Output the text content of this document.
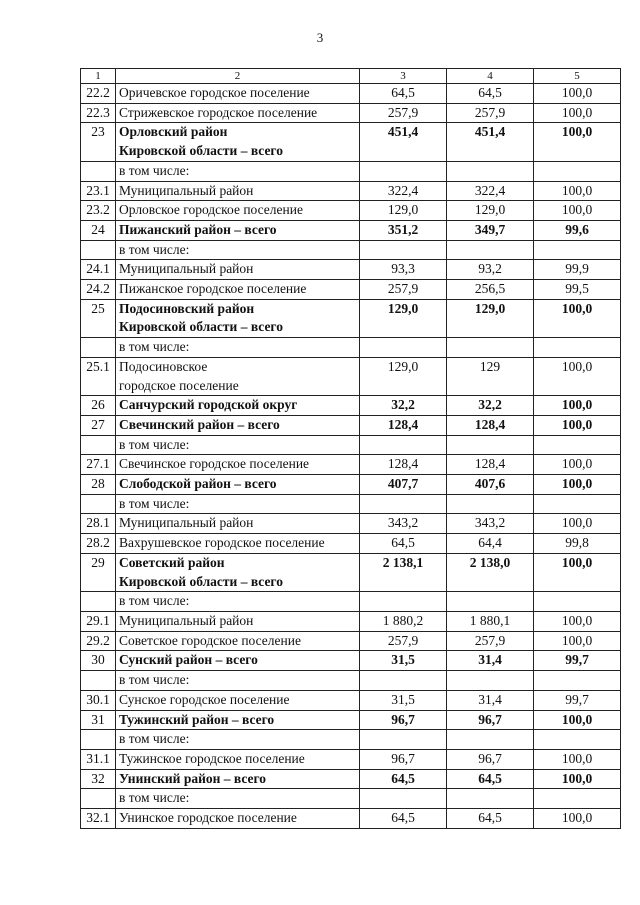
3
1	2	3	4	5
22.2	Оричевское городское поселение	64,5	64,5	100,0
22.3	Стрижевское городское поселение	257,9	257,9	100,0
23	Орловский район
Кировской области – всего	451,4	451,4	100,0

	в том числе:			

23.1	Муниципальный район	322,4	322,4	100,0
23.2	Орловское городское поселение	129,0	129,0	100,0
24	Пижанский район – всего	351,2	349,7	99,6

	в том числе:			

24.1	Муниципальный район	93,3	93,2	99,9
24.2	Пижанское городское поселение	257,9	256,5	99,5
25	Подосиновский район
Кировской области – всего	129,0	129,0	100,0

	в том числе:			

25.1	Подосиновское
городское поселение	129,0	129	100,0
26	Санчурский городской округ	32,2	32,2	100,0
27	Свечинский район – всего	128,4	128,4	100,0

	в том числе:			

27.1	Свечинское городское поселение	128,4	128,4	100,0
28	Слободской район – всего	407,7	407,6	100,0

	в том числе:			

28.1	Муниципальный район	343,2	343,2	100,0
28.2	Вахрушевское городское поселение	64,5	64,4	99,8
29	Советский район
Кировской области – всего	2 138,1	2 138,0	100,0

	в том числе:			

29.1	Муниципальный район	1 880,2	1 880,1	100,0
29.2	Советское городское поселение	257,9	257,9	100,0
30	Сунский район – всего	31,5	31,4	99,7

	в том числе:			

30.1	Сунское городское поселение	31,5	31,4	99,7
31	Тужинский район – всего	96,7	96,7	100,0

	в том числе:			

31.1	Тужинское городское поселение	96,7	96,7	100,0
32	Унинский район – всего	64,5	64,5	100,0

	в том числе:			

32.1	Унинское городское поселение	64,5	64,5	100,0
